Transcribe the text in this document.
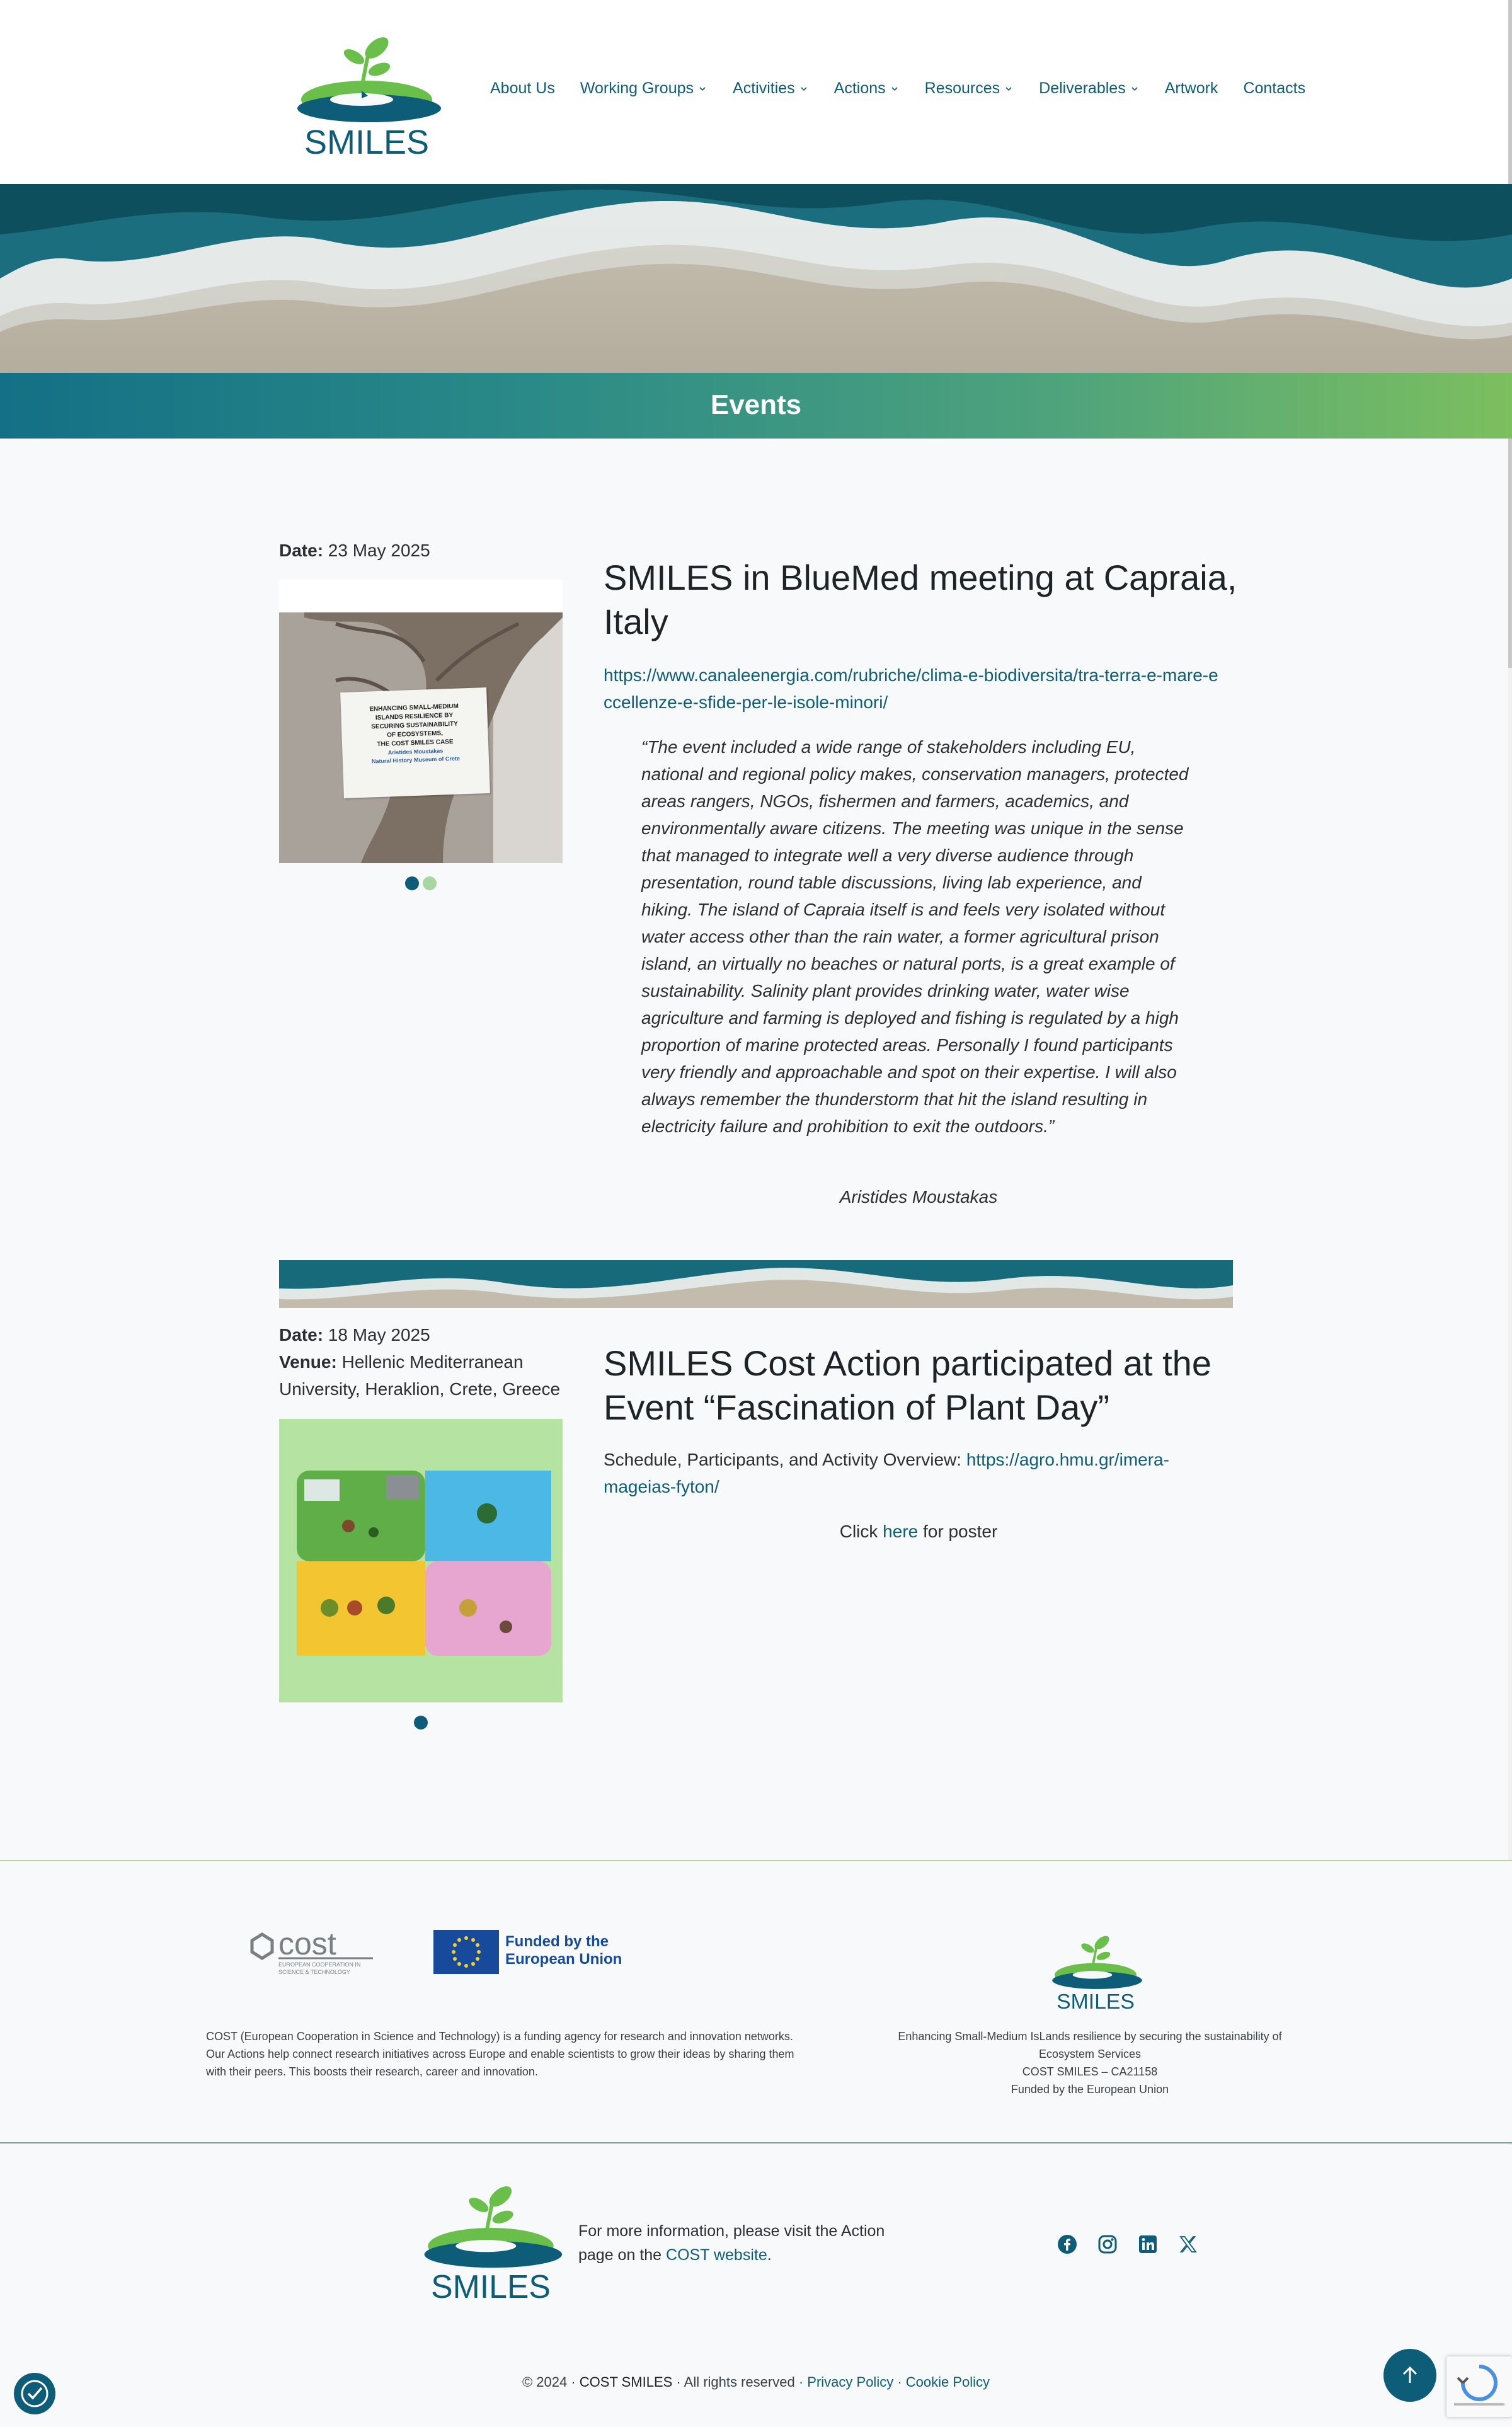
SMILES
About Us Working Groups Activities Actions Resources Deliverables Artwork Contacts
Events
Date: 23 May 2025
ENHANCING SMALL-MEDIUM
ISLANDS RESILIENCE BY
SECURING SUSTAINABILITY
OF ECOSYSTEMS,
THE COST SMILES CASE
Aristides Moustakas
Natural History Museum of Crete
SMILES in BlueMed meeting at Capraia, Italy
https://www.canaleenergia.com/rubriche/clima-e-biodiversita/tra-terra-e-mare-eccellenze-e-sfide-per-le-isole-minori/
“The event included a wide range of stakeholders including EU, national and regional policy makes, conservation managers, protected areas rangers, NGOs, fishermen and farmers, academics, and environmentally aware citizens. The meeting was unique in the sense that managed to integrate well a very diverse audience through presentation, round table discussions, living lab experience, and hiking. The island of Capraia itself is and feels very isolated without water access other than the rain water, a former agricultural prison island, an virtually no beaches or natural ports, is a great example of sustainability. Salinity plant provides drinking water, water wise agriculture and farming is deployed and fishing is regulated by a high proportion of marine protected areas. Personally I found participants very friendly and approachable and spot on their expertise. I will also always remember the thunderstorm that hit the island resulting in electricity failure and prohibition to exit the outdoors.”
Aristides Moustakas
Date: 18 May 2025
Venue: Hellenic Mediterranean University, Heraklion, Crete, Greece
SMILES Cost Action participated at the Event “Fascination of Plant Day”
Schedule, Participants, and Activity Overview: https://agro.hmu.gr/imera-mageias-fyton/
Click here for poster
cost
EUROPEAN COOPERATION IN SCIENCE & TECHNOLOGY
Funded by the European Union
COST (European Cooperation in Science and Technology) is a funding agency for research and innovation networks. Our Actions help connect research initiatives across Europe and enable scientists to grow their ideas by sharing them with their peers. This boosts their research, career and innovation.
SMILES
Enhancing Small-Medium IsLands resilience by securing the sustainability of Ecosystem Services
COST SMILES – CA21158
Funded by the European Union
SMILES
For more information, please visit the Action page on the COST website.
© 2024 · COST SMILES · All rights reserved · Privacy Policy · Cookie Policy
